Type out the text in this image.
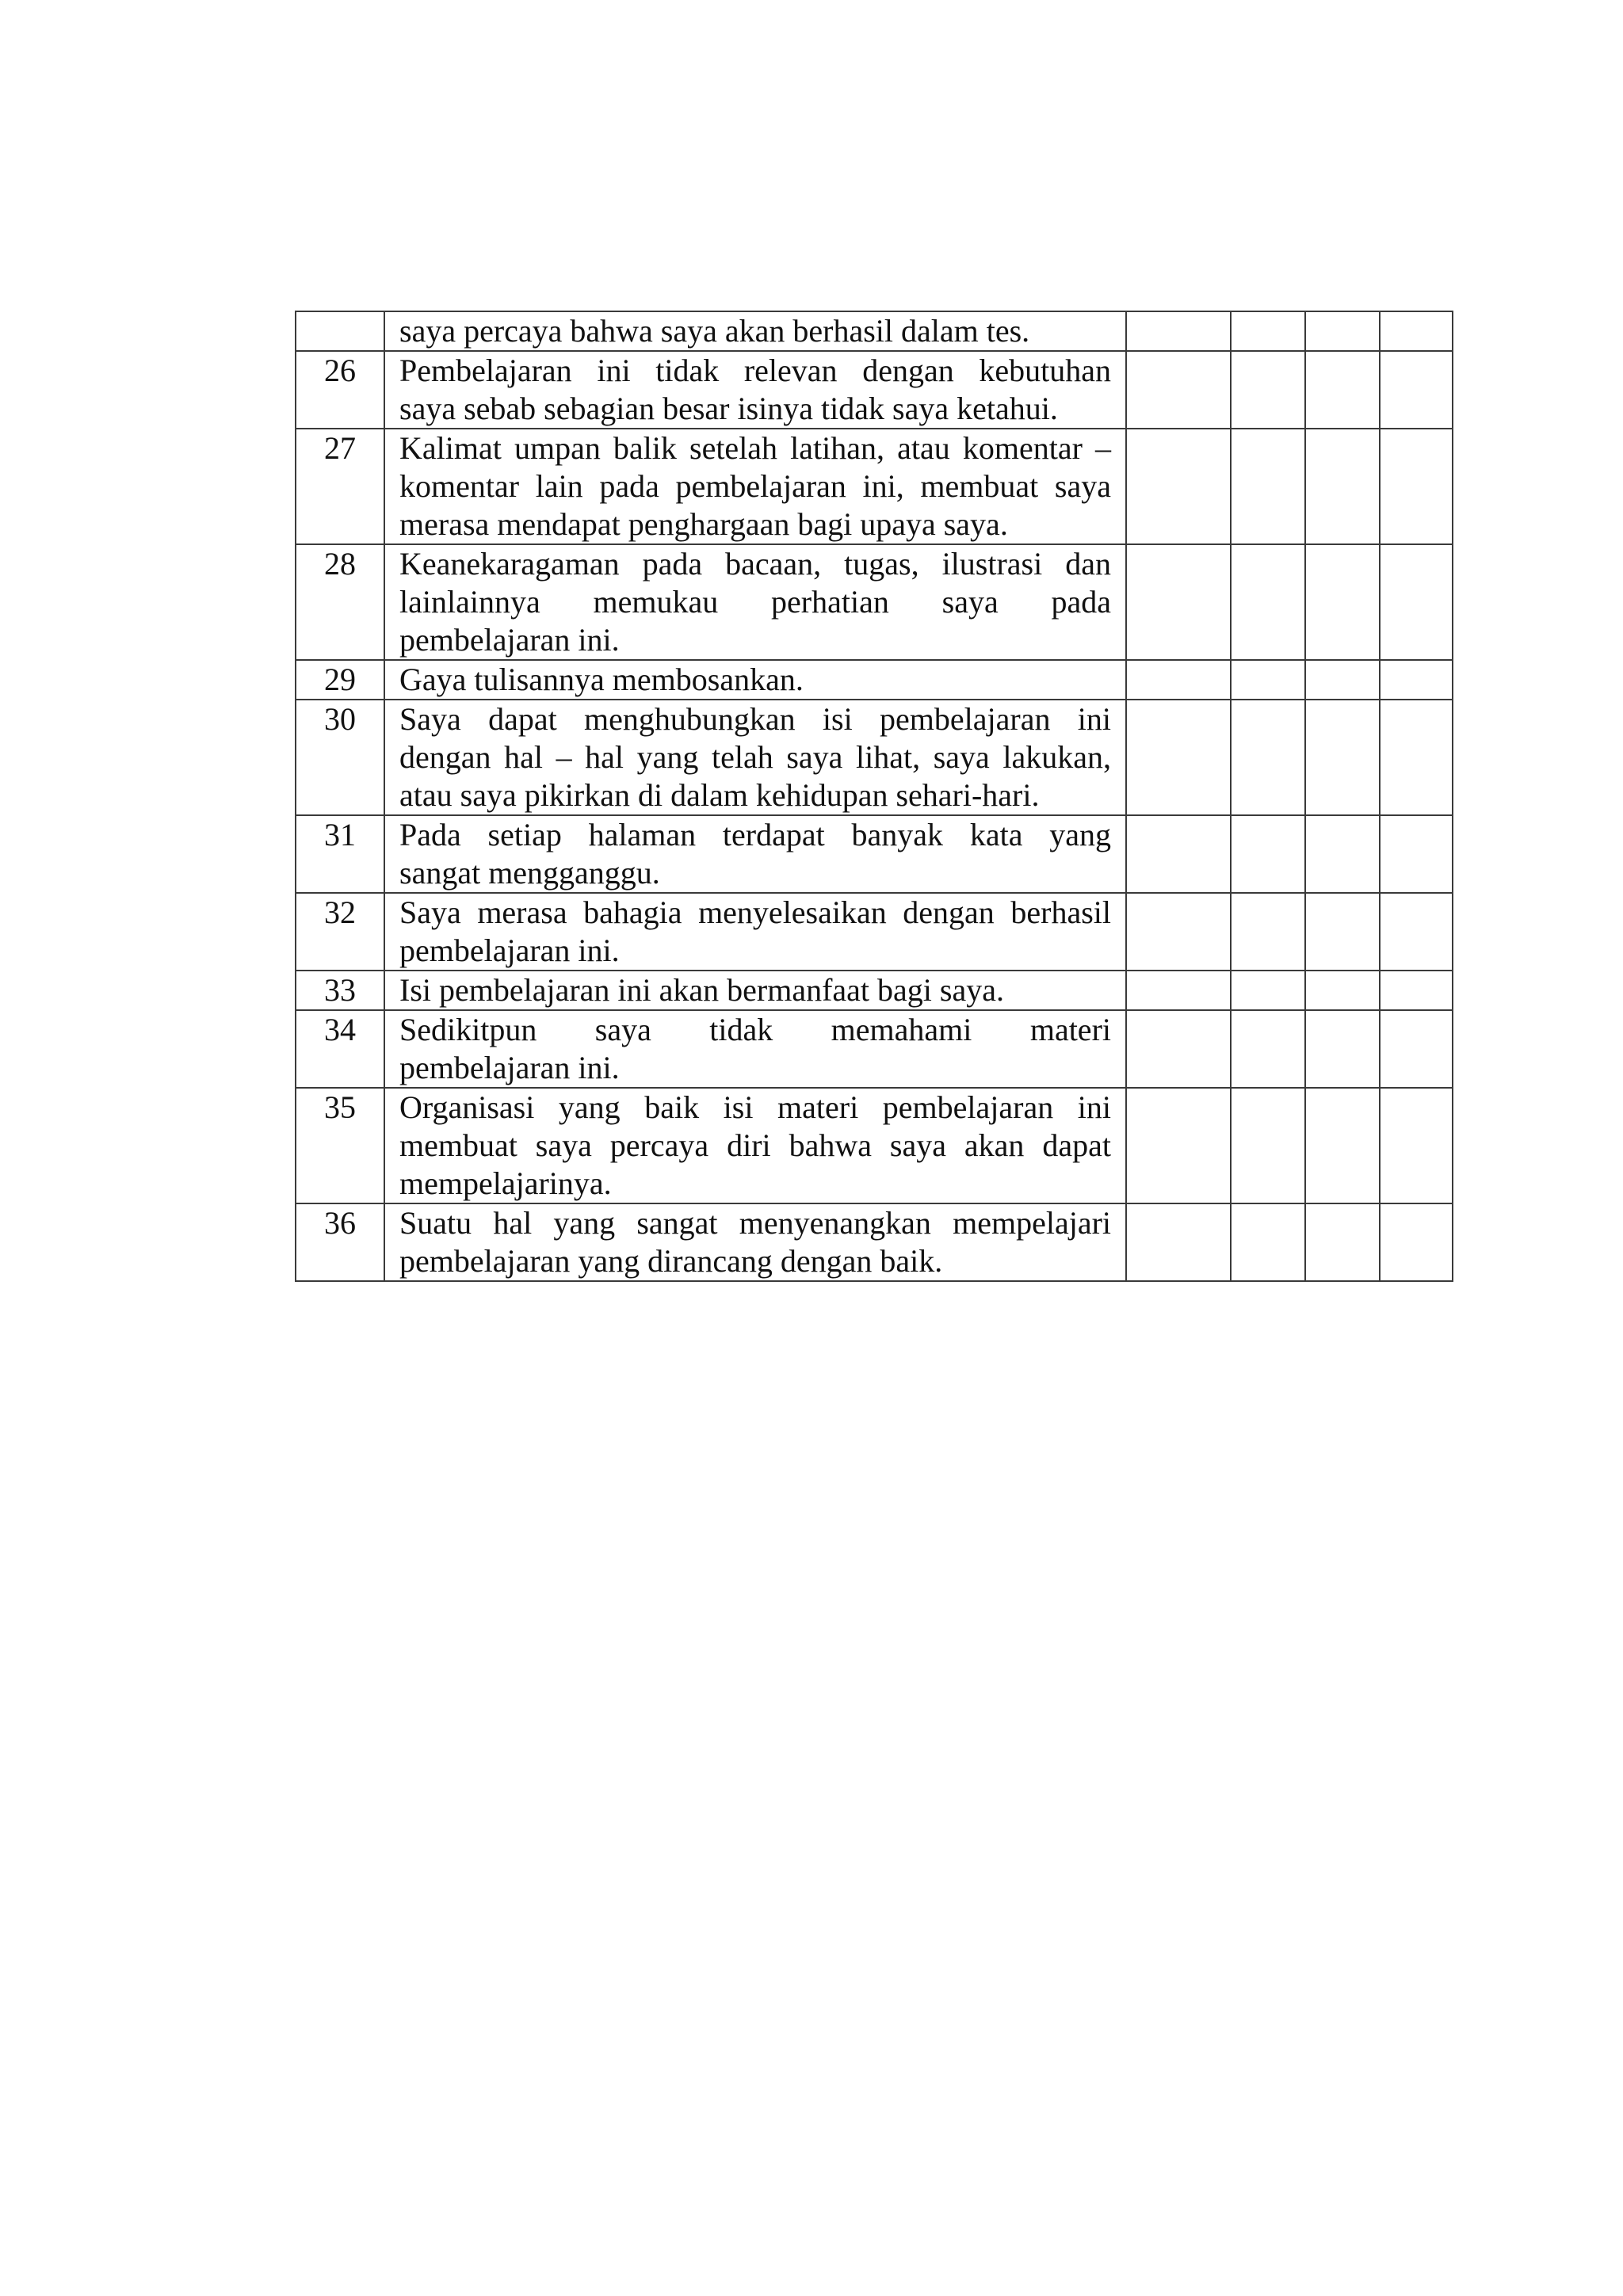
	saya percaya bahwa saya akan berhasil dalam tes.				

26	Pembelajaran ini tidak relevan dengan kebutuhan
saya sebab sebagian besar isinya tidak saya ketahui.				

27	Kalimat umpan balik setelah latihan, atau komentar –
komentar lain pada pembelajaran ini, membuat saya
merasa mendapat penghargaan bagi upaya saya.				

28	Keanekaragaman pada bacaan, tugas, ilustrasi dan
lainlainnya memukau perhatian saya pada
pembelajaran ini.				

29	Gaya tulisannya membosankan.				

30	Saya dapat menghubungkan isi pembelajaran ini
dengan hal – hal yang telah saya lihat, saya lakukan,
atau saya pikirkan di dalam kehidupan sehari-hari.				

31	Pada setiap halaman terdapat banyak kata yang
sangat mengganggu.				

32	Saya merasa bahagia menyelesaikan dengan berhasil
pembelajaran ini.				

33	Isi pembelajaran ini akan bermanfaat bagi saya.				

34	Sedikitpun saya tidak memahami materi
pembelajaran ini.				

35	Organisasi yang baik isi materi pembelajaran ini
membuat saya percaya diri bahwa saya akan dapat
mempelajarinya.				

36	Suatu hal yang sangat menyenangkan mempelajari
pembelajaran yang dirancang dengan baik.				
